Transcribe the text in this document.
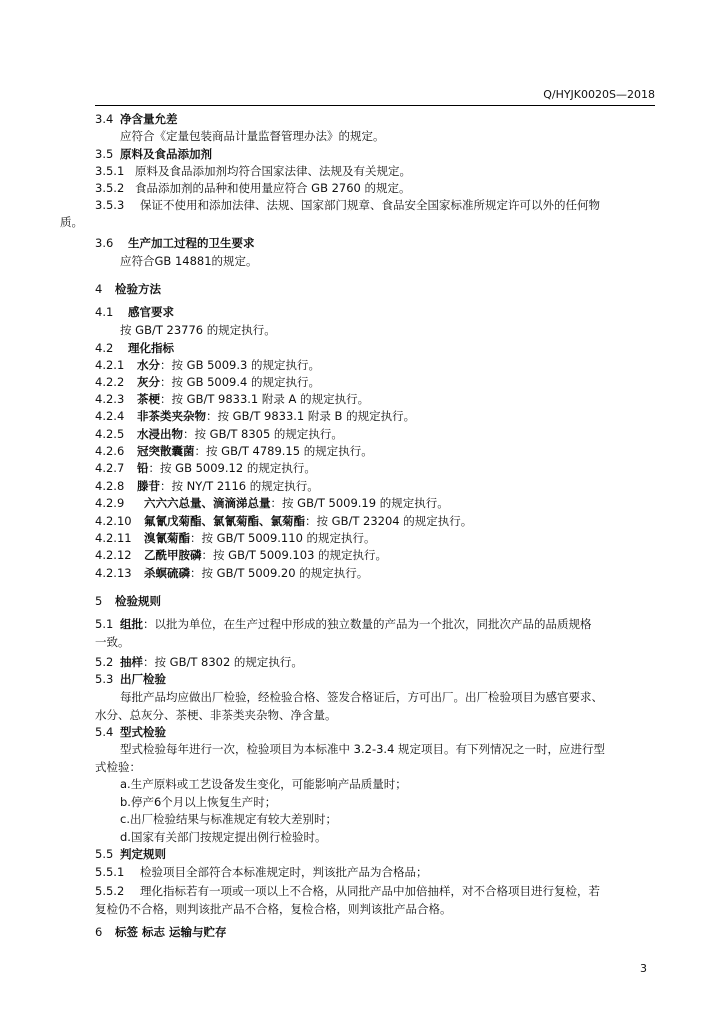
Q/HYJK0020S—2018
3.4 净含量允差
应符合《定量包装商品计量监督管理办法》的规定。
3.5 原料及食品添加剂
3.5.1 原料及食品添加剂均符合国家法律、法规及有关规定。
3.5.2 食品添加剂的品种和使用量应符合 GB 2760 的规定。
3.5.3 保证不使用和添加法律、法规、国家部门规章、食品安全国家标准所规定许可以外的任何物
质。
3.6 生产加工过程的卫生要求
应符合GB 14881的规定。
4 检验方法
4.1 感官要求
按 GB/T 23776 的规定执行。
4.2 理化指标
4.2.1 水分：按 GB 5009.3 的规定执行。
4.2.2 灰分：按 GB 5009.4 的规定执行。
4.2.3 茶梗：按 GB/T 9833.1 附录 A 的规定执行。
4.2.4 非茶类夹杂物：按 GB/T 9833.1 附录 B 的规定执行。
4.2.5 水浸出物：按 GB/T 8305 的规定执行。
4.2.6 冠突散囊菌：按 GB/T 4789.15 的规定执行。
4.2.7 铅：按 GB 5009.12 的规定执行。
4.2.8 滕苷：按 NY/T 2116 的规定执行。
4.2.9 六六六总量、滴滴涕总量：按 GB/T 5009.19 的规定执行。
4.2.10 氟氰戊菊酯、氯氰菊酯、氯菊酯：按 GB/T 23204 的规定执行。
4.2.11 溴氰菊酯：按 GB/T 5009.110 的规定执行。
4.2.12 乙酰甲胺磷：按 GB/T 5009.103 的规定执行。
4.2.13 杀螟硫磷：按 GB/T 5009.20 的规定执行。
5 检验规则
5.1 组批：以批为单位，在生产过程中形成的独立数量的产品为一个批次，同批次产品的品质规格
一致。
5.2 抽样：按 GB/T 8302 的规定执行。
5.3 出厂检验
每批产品均应做出厂检验，经检验合格、签发合格证后，方可出厂。出厂检验项目为感官要求、
水分、总灰分、茶梗、非茶类夹杂物、净含量。
5.4 型式检验
型式检验每年进行一次，检验项目为本标准中 3.2-3.4 规定项目。有下列情况之一时，应进行型
式检验：
a.生产原料或工艺设备发生变化，可能影响产品质量时；
b.停产6个月以上恢复生产时；
c.出厂检验结果与标准规定有较大差别时；
d.国家有关部门按规定提出例行检验时。
5.5 判定规则
5.5.1 检验项目全部符合本标准规定时，判该批产品为合格品；
5.5.2 理化指标若有一项或一项以上不合格，从同批产品中加倍抽样，对不合格项目进行复检，若
复检仍不合格，则判该批产品不合格，复检合格，则判该批产品合格。
6 标签 标志 运输与贮存
3
